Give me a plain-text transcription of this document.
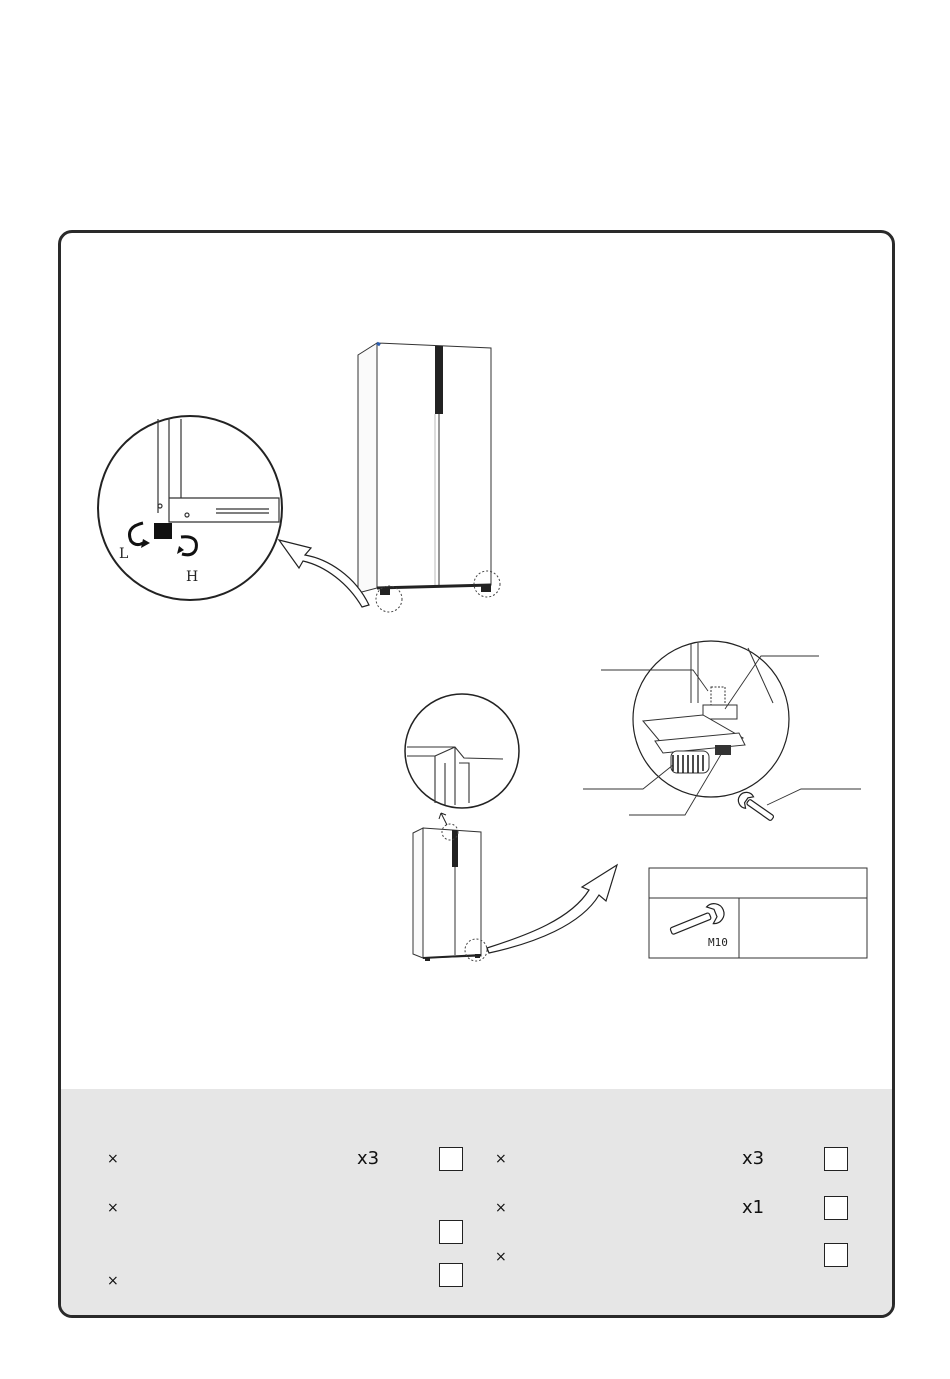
L
H
M10
×	x3
×
×
×	x3
×	x1
×
